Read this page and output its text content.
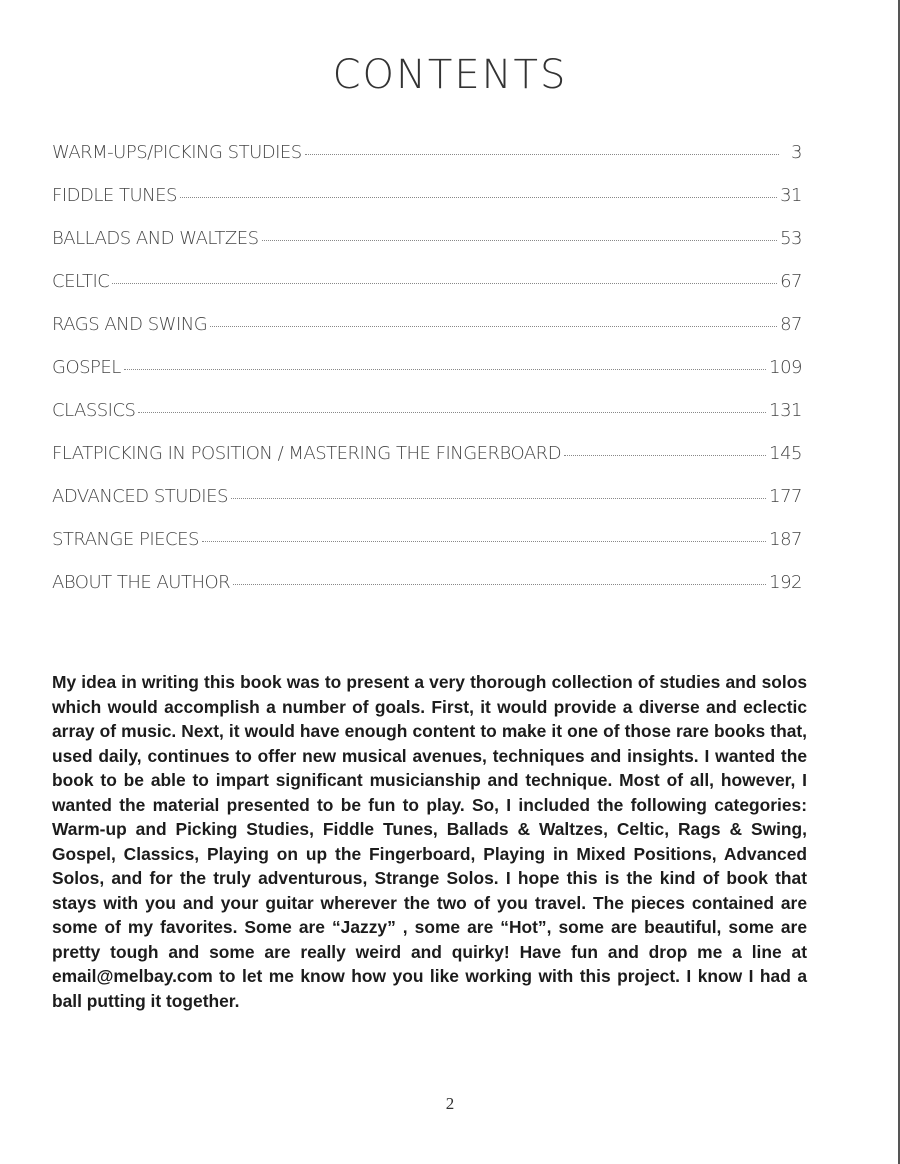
CONTENTS
WARM-UPS/PICKING STUDIES	3
FIDDLE TUNES	31
BALLADS AND WALTZES	53
CELTIC	67
RAGS AND SWING	87
GOSPEL	109
CLASSICS	131
FLATPICKING IN POSITION / MASTERING THE FINGERBOARD	145
ADVANCED STUDIES	177
STRANGE PIECES	187
ABOUT THE AUTHOR	192

My idea in writing this book was to present a very thorough collection of studies and solos which would accomplish a number of goals. First, it would provide a diverse and eclectic array of music. Next, it would have enough content to make it one of those rare books that, used daily, continues to offer new musical avenues, techniques and insights. I wanted the book to be able to impart significant musicianship and technique. Most of all, however, I wanted the material presented to be fun to play. So, I included the following categories: Warm-up and Picking Studies, Fiddle Tunes, Ballads & Waltzes, Celtic, Rags & Swing, Gospel, Classics, Playing on up the Fingerboard, Playing in Mixed Positions, Advanced Solos, and for the truly adventurous, Strange Solos. I hope this is the kind of book that stays with you and your guitar wherever the two of you travel. The pieces contained are some of my favorites. Some are “Jazzy” , some are “Hot”, some are beautiful, some are pretty tough and some are really weird and quirky! Have fun and drop me a line at email@melbay.com to let me know how you like working with this project. I know I had a ball putting it together.

2
